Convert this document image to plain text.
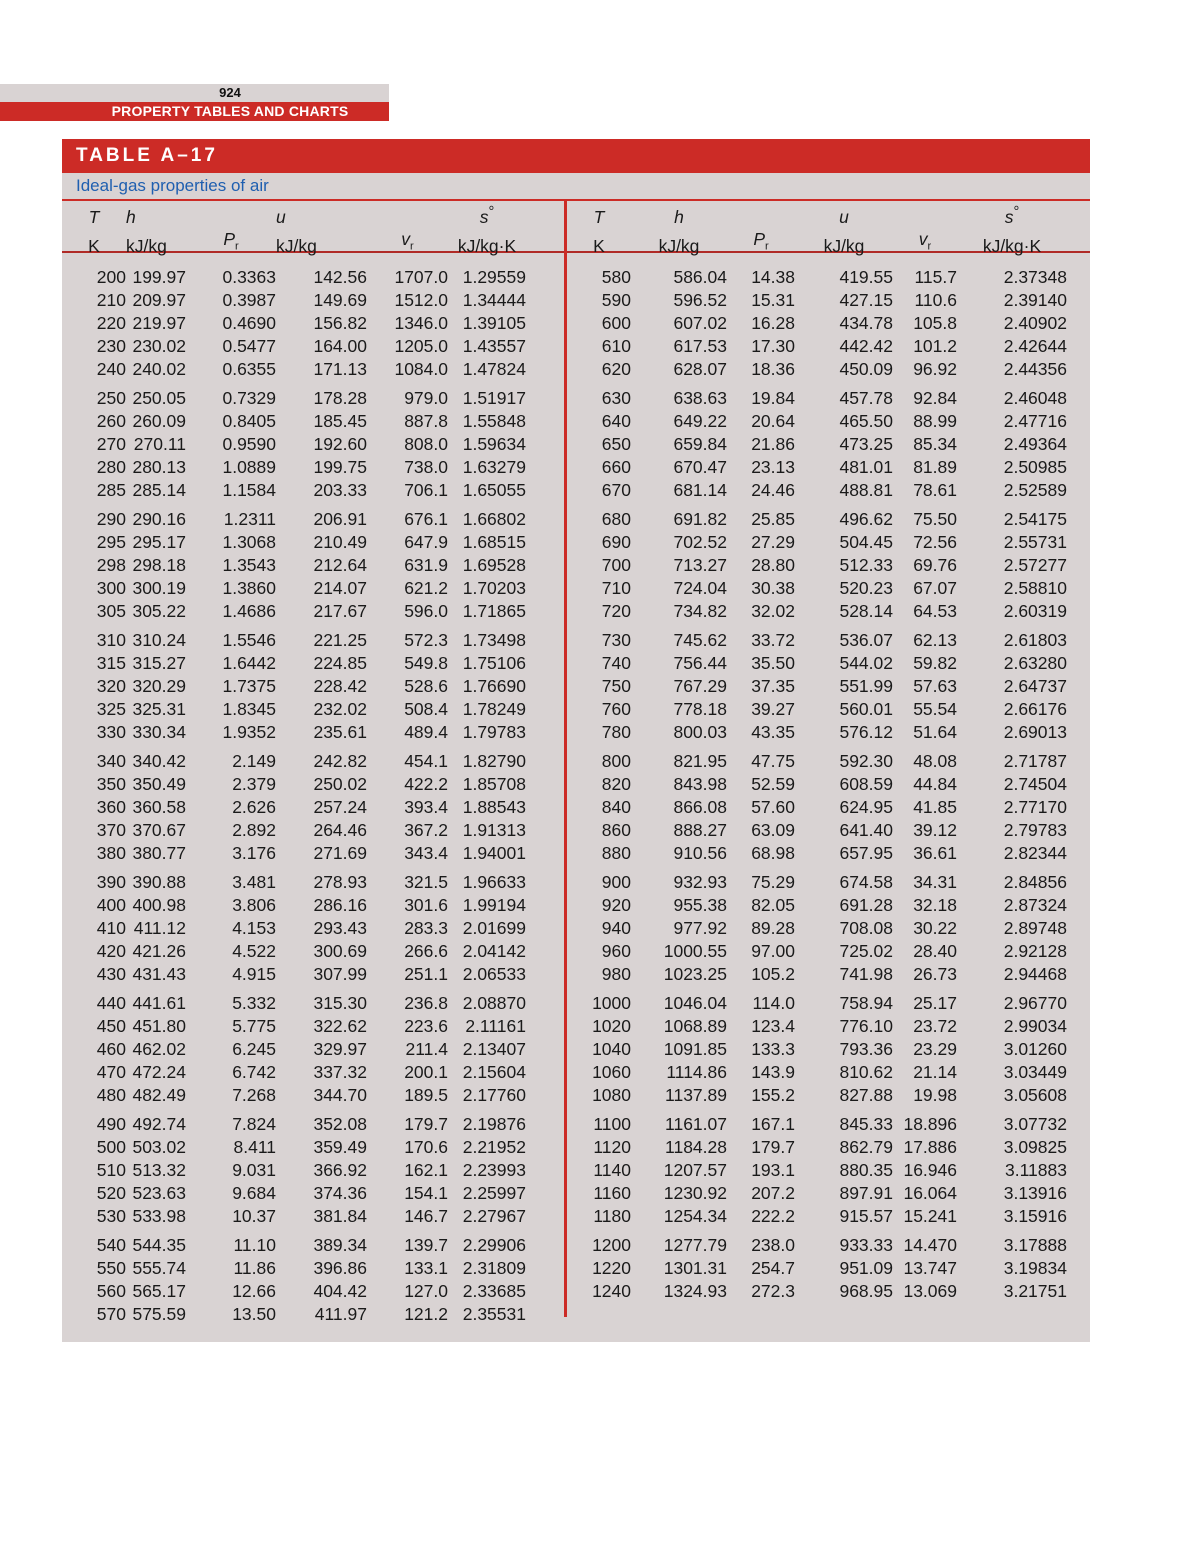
924
PROPERTY TABLES AND CHARTS
TABLE A–17
Ideal-gas properties of air
T	h		u		s°
K	kJ/kg	$P_r$	kJ/kg	$v_r$	kJ/kg·K
200	199.97	0.3363	142.56	1707.0	1.29559
210	209.97	0.3987	149.69	1512.0	1.34444
220	219.97	0.4690	156.82	1346.0	1.39105
230	230.02	0.5477	164.00	1205.0	1.43557
240	240.02	0.6355	171.13	1084.0	1.47824
250	250.05	0.7329	178.28	979.0	1.51917
260	260.09	0.8405	185.45	887.8	1.55848
270	270.11	0.9590	192.60	808.0	1.59634
280	280.13	1.0889	199.75	738.0	1.63279
285	285.14	1.1584	203.33	706.1	1.65055
290	290.16	1.2311	206.91	676.1	1.66802
295	295.17	1.3068	210.49	647.9	1.68515
298	298.18	1.3543	212.64	631.9	1.69528
300	300.19	1.3860	214.07	621.2	1.70203
305	305.22	1.4686	217.67	596.0	1.71865
310	310.24	1.5546	221.25	572.3	1.73498
315	315.27	1.6442	224.85	549.8	1.75106
320	320.29	1.7375	228.42	528.6	1.76690
325	325.31	1.8345	232.02	508.4	1.78249
330	330.34	1.9352	235.61	489.4	1.79783
340	340.42	2.149	242.82	454.1	1.82790
350	350.49	2.379	250.02	422.2	1.85708
360	360.58	2.626	257.24	393.4	1.88543
370	370.67	2.892	264.46	367.2	1.91313
380	380.77	3.176	271.69	343.4	1.94001
390	390.88	3.481	278.93	321.5	1.96633
400	400.98	3.806	286.16	301.6	1.99194
410	411.12	4.153	293.43	283.3	2.01699
420	421.26	4.522	300.69	266.6	2.04142
430	431.43	4.915	307.99	251.1	2.06533
440	441.61	5.332	315.30	236.8	2.08870
450	451.80	5.775	322.62	223.6	2.11161
460	462.02	6.245	329.97	211.4	2.13407
470	472.24	6.742	337.32	200.1	2.15604
480	482.49	7.268	344.70	189.5	2.17760
490	492.74	7.824	352.08	179.7	2.19876
500	503.02	8.411	359.49	170.6	2.21952
510	513.32	9.031	366.92	162.1	2.23993
520	523.63	9.684	374.36	154.1	2.25997
530	533.98	10.37	381.84	146.7	2.27967
540	544.35	11.10	389.34	139.7	2.29906
550	555.74	11.86	396.86	133.1	2.31809
560	565.17	12.66	404.42	127.0	2.33685
570	575.59	13.50	411.97	121.2	2.35531
T	h		u		s°
K	kJ/kg	$P_r$	kJ/kg	$v_r$	kJ/kg·K
580	586.04	14.38	419.55	115.7	2.37348
590	596.52	15.31	427.15	110.6	2.39140
600	607.02	16.28	434.78	105.8	2.40902
610	617.53	17.30	442.42	101.2	2.42644
620	628.07	18.36	450.09	96.92	2.44356
630	638.63	19.84	457.78	92.84	2.46048
640	649.22	20.64	465.50	88.99	2.47716
650	659.84	21.86	473.25	85.34	2.49364
660	670.47	23.13	481.01	81.89	2.50985
670	681.14	24.46	488.81	78.61	2.52589
680	691.82	25.85	496.62	75.50	2.54175
690	702.52	27.29	504.45	72.56	2.55731
700	713.27	28.80	512.33	69.76	2.57277
710	724.04	30.38	520.23	67.07	2.58810
720	734.82	32.02	528.14	64.53	2.60319
730	745.62	33.72	536.07	62.13	2.61803
740	756.44	35.50	544.02	59.82	2.63280
750	767.29	37.35	551.99	57.63	2.64737
760	778.18	39.27	560.01	55.54	2.66176
780	800.03	43.35	576.12	51.64	2.69013
800	821.95	47.75	592.30	48.08	2.71787
820	843.98	52.59	608.59	44.84	2.74504
840	866.08	57.60	624.95	41.85	2.77170
860	888.27	63.09	641.40	39.12	2.79783
880	910.56	68.98	657.95	36.61	2.82344
900	932.93	75.29	674.58	34.31	2.84856
920	955.38	82.05	691.28	32.18	2.87324
940	977.92	89.28	708.08	30.22	2.89748
960	1000.55	97.00	725.02	28.40	2.92128
980	1023.25	105.2	741.98	26.73	2.94468
1000	1046.04	114.0	758.94	25.17	2.96770
1020	1068.89	123.4	776.10	23.72	2.99034
1040	1091.85	133.3	793.36	23.29	3.01260
1060	1114.86	143.9	810.62	21.14	3.03449
1080	1137.89	155.2	827.88	19.98	3.05608
1100	1161.07	167.1	845.33	18.896	3.07732
1120	1184.28	179.7	862.79	17.886	3.09825
1140	1207.57	193.1	880.35	16.946	3.11883
1160	1230.92	207.2	897.91	16.064	3.13916
1180	1254.34	222.2	915.57	15.241	3.15916
1200	1277.79	238.0	933.33	14.470	3.17888
1220	1301.31	254.7	951.09	13.747	3.19834
1240	1324.93	272.3	968.95	13.069	3.21751
